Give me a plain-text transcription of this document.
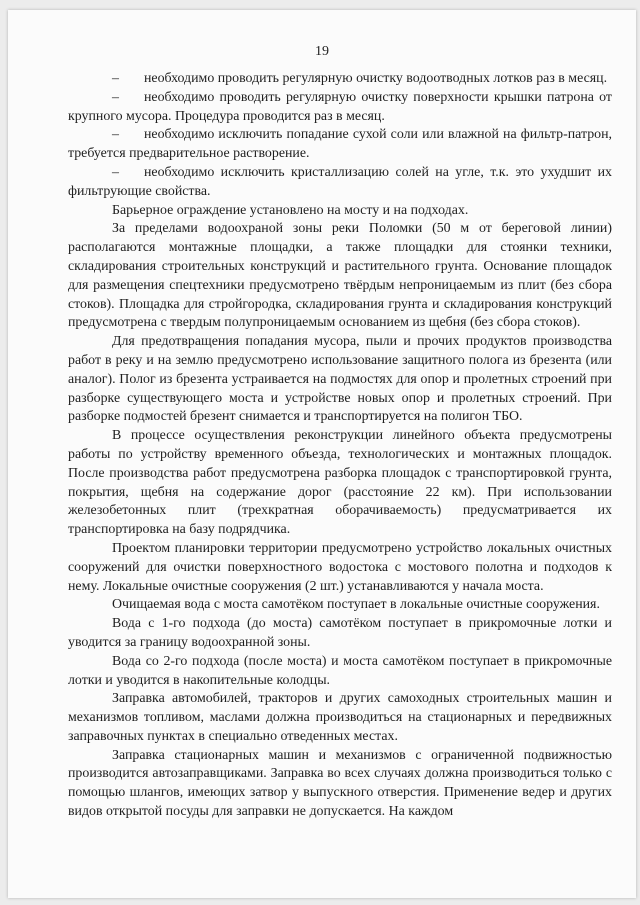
19

– необходимо проводить регулярную очистку водоотводных лотков раз в месяц.

– необходимо проводить регулярную очистку поверхности крышки патрона от крупного мусора. Процедура проводится раз в месяц.

– необходимо исключить попадание сухой соли или влажной на фильтр-патрон, требуется предварительное растворение.

– необходимо исключить кристаллизацию солей на угле, т.к. это ухудшит их фильтрующие свойства.

Барьерное ограждение установлено на мосту и на подходах.

За пределами водоохраной зоны реки Поломки (50 м от береговой линии) располагаются монтажные площадки, а также площадки для стоянки техники, складирования строительных конструкций и растительного грунта. Основание площадок для размещения спецтехники предусмотрено твёрдым непроницаемым из плит (без сбора стоков). Площадка для стройгородка, складирования грунта и складирования конструкций предусмотрена с твердым полупроницаемым основанием из щебня (без сбора стоков).

Для предотвращения попадания мусора, пыли и прочих продуктов производства работ в реку и на землю предусмотрено использование защитного полога из брезента (или аналог). Полог из брезента устраивается на подмостях для опор и пролетных строений при разборке существующего моста и устройстве новых опор и пролетных строений. При разборке подмостей брезент снимается и транспортируется на полигон ТБО.

В процессе осуществления реконструкции линейного объекта предусмотрены работы по устройству временного объезда, технологических и монтажных площадок. После производства работ предусмотрена разборка площадок с транспортировкой грунта, покрытия, щебня на содержание дорог (расстояние 22 км). При использовании железобетонных плит (трехкратная оборачиваемость) предусматривается их транспортировка на базу подрядчика.

Проектом планировки территории предусмотрено устройство локальных очистных сооружений для очистки поверхностного водостока с мостового полотна и подходов к нему. Локальные очистные сооружения (2 шт.) устанавливаются у начала моста.

Очищаемая вода с моста самотёком поступает в локальные очистные сооружения.

Вода с 1-го подхода (до моста) самотёком поступает в прикромочные лотки и уводится за границу водоохранной зоны.

Вода со 2-го подхода (после моста) и моста самотёком поступает в прикромочные лотки и уводится в накопительные колодцы.

Заправка автомобилей, тракторов и других самоходных строительных машин и механизмов топливом, маслами должна производиться на стационарных и передвижных заправочных пунктах в специально отведенных местах.

Заправка стационарных машин и механизмов с ограниченной подвижностью производится автозаправщиками. Заправка во всех случаях должна производиться только с помощью шлангов, имеющих затвор у выпускного отверстия. Применение ведер и других видов открытой посуды для заправки не допускается. На каждом
